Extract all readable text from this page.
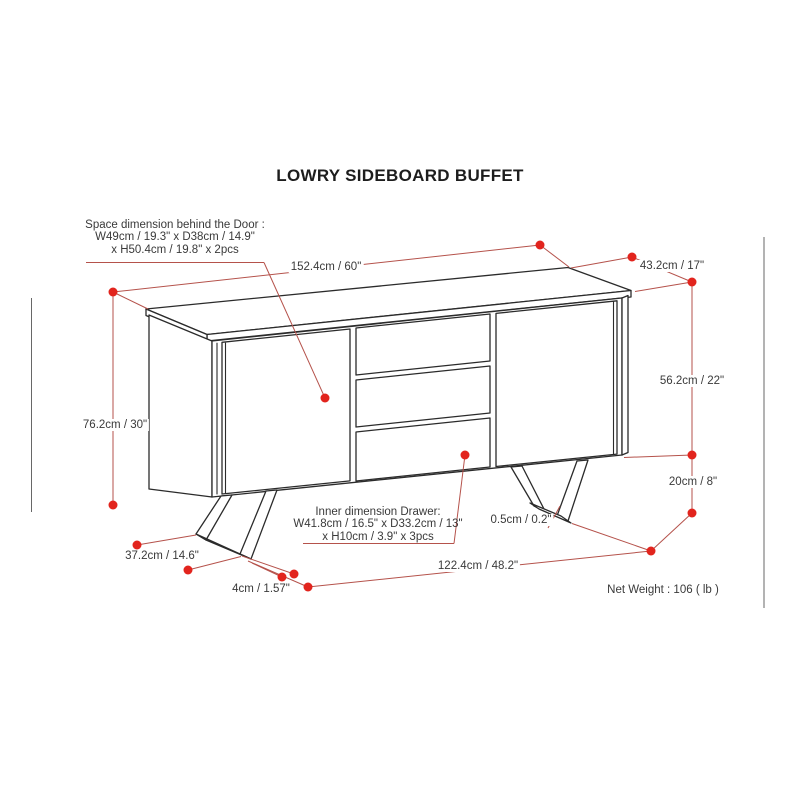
LOWRY SIDEBOARD BUFFET
Space dimension behind the Door :
W49cm / 19.3" x D38cm / 14.9"
x H50.4cm / 19.8" x 2pcs
Inner dimension Drawer:
W41.8cm / 16.5" x D33.2cm / 13"
x H10cm / 3.9" x 3pcs
152.4cm / 60"	43.2cm / 17"
56.2cm / 22"
20cm / 8"
76.2cm / 30"
37.2cm / 14.6"
4cm / 1.57"
122.4cm / 48.2"
0.5cm / 0.2"
Net Weight : 106 ( lb )
